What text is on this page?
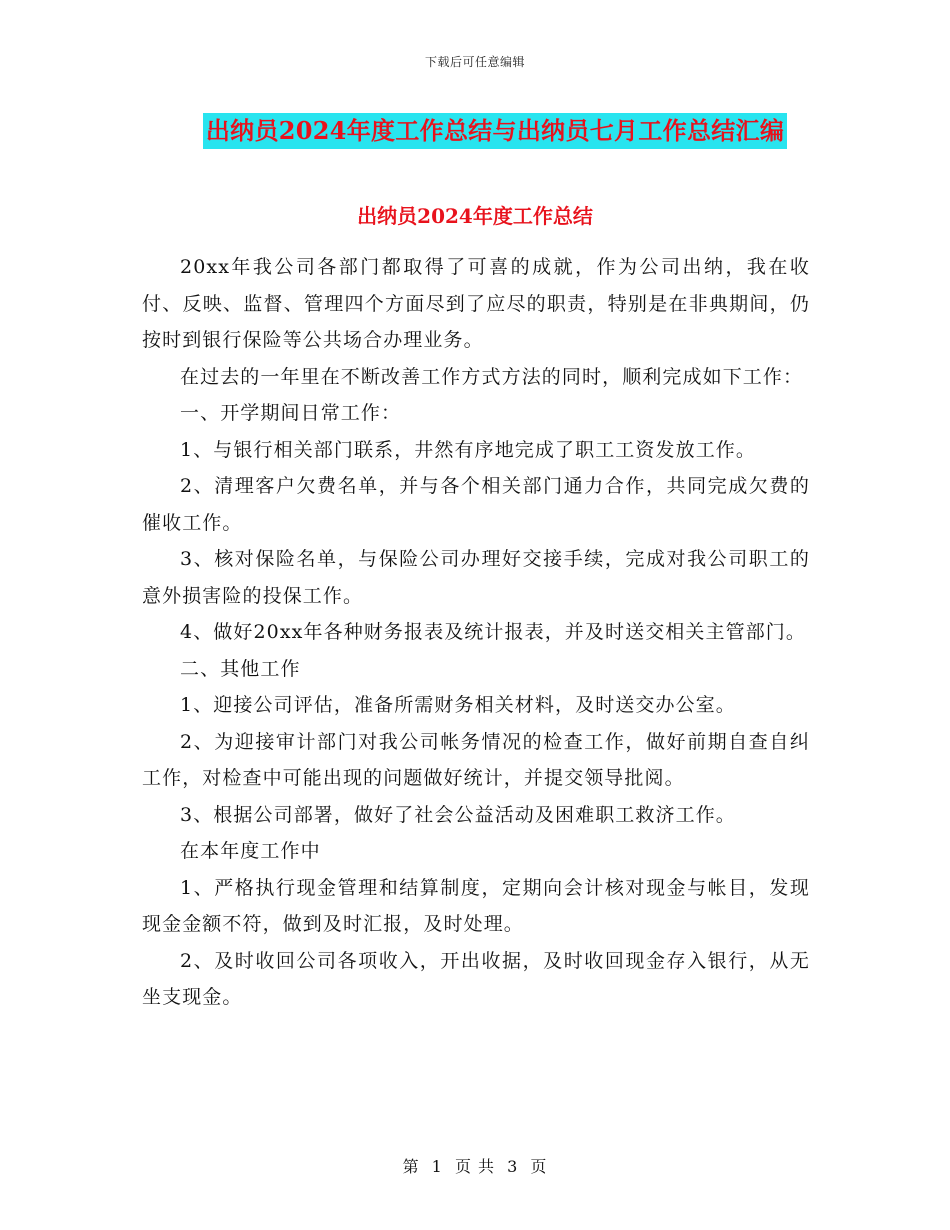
下载后可任意编辑
出纳员2024年度工作总结与出纳员七月工作总结汇编
出纳员2024年度工作总结

20xx年我公司各部门都取得了可喜的成就，作为公司出纳，我在收付、反映、监督、管理四个方面尽到了应尽的职责，特别是在非典期间，仍按时到银行保险等公共场合办理业务。

在过去的一年里在不断改善工作方式方法的同时，顺利完成如下工作：

一、开学期间日常工作：

1、与银行相关部门联系，井然有序地完成了职工工资发放工作。

2、清理客户欠费名单，并与各个相关部门通力合作，共同完成欠费的催收工作。

3、核对保险名单，与保险公司办理好交接手续，完成对我公司职工的意外损害险的投保工作。

4、做好20xx年各种财务报表及统计报表，并及时送交相关主管部门。

二、其他工作

1、迎接公司评估，准备所需财务相关材料，及时送交办公室。

2、为迎接审计部门对我公司帐务情况的检查工作，做好前期自查自纠工作，对检查中可能出现的问题做好统计，并提交领导批阅。

3、根据公司部署，做好了社会公益活动及困难职工救济工作。

在本年度工作中

1、严格执行现金管理和结算制度，定期向会计核对现金与帐目，发现现金金额不符，做到及时汇报，及时处理。

2、及时收回公司各项收入，开出收据，及时收回现金存入银行，从无坐支现金。

第 1 页 共 3 页
